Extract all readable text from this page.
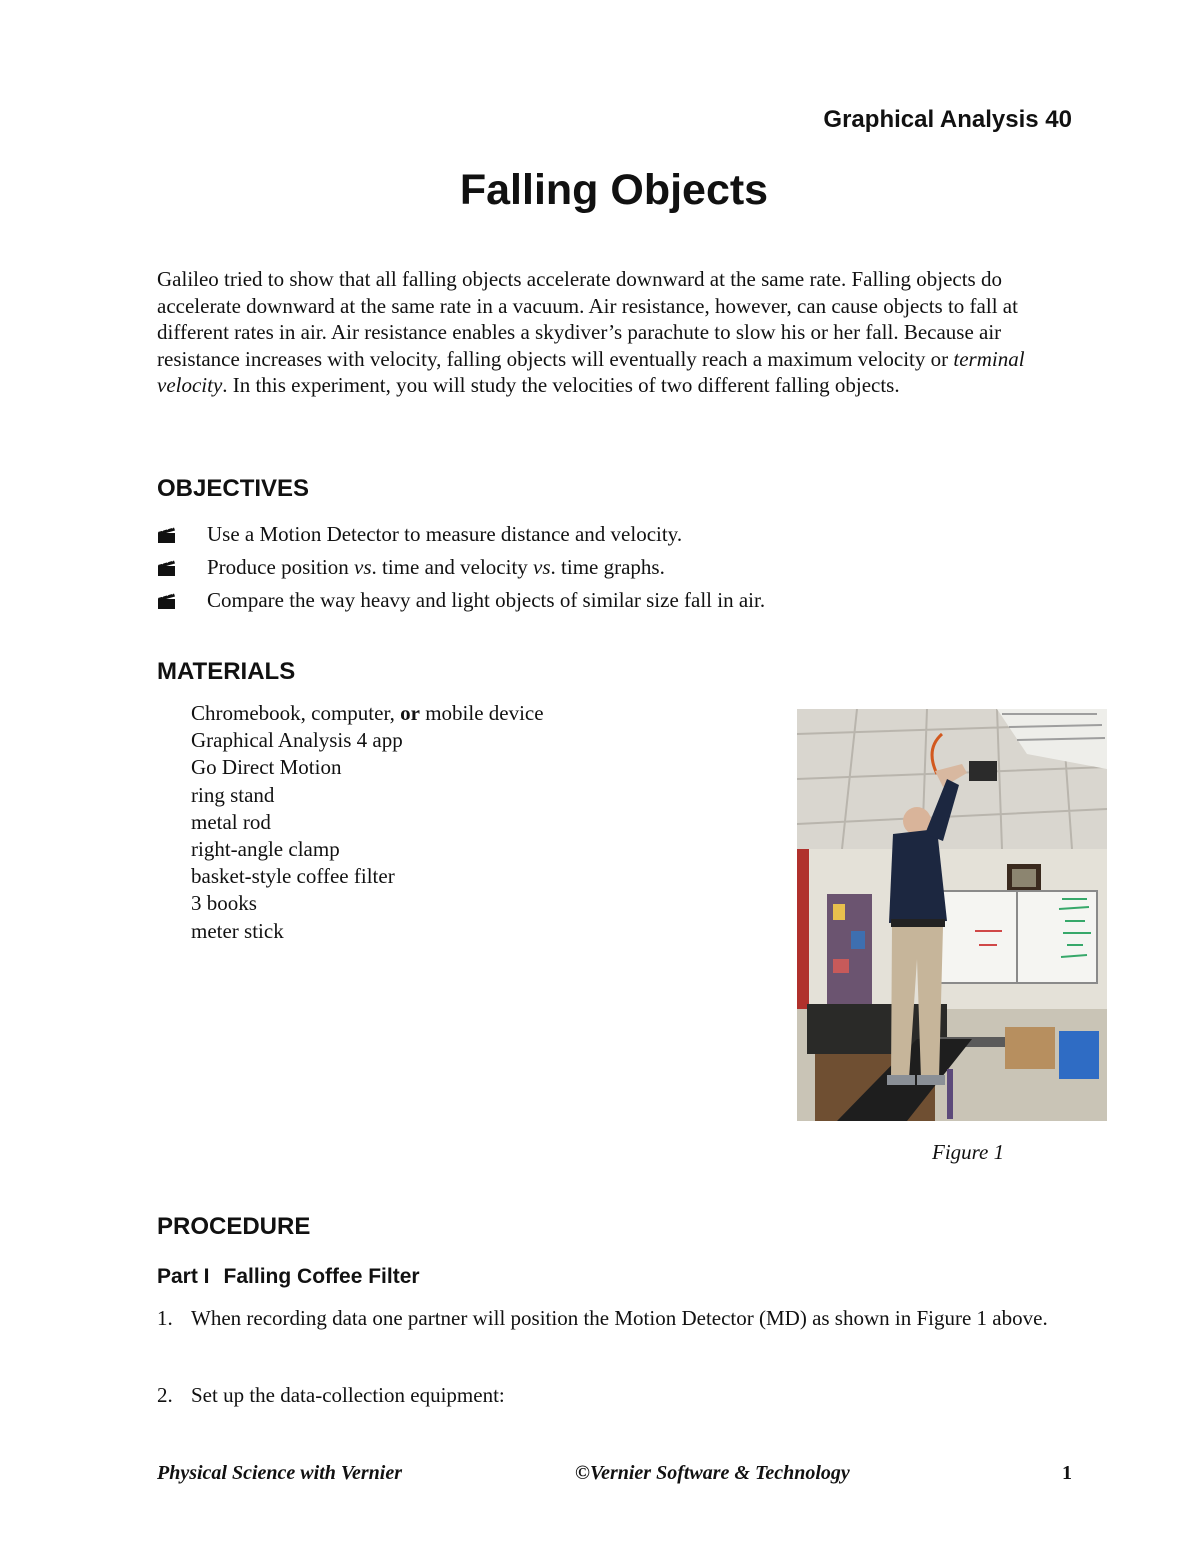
Graphical Analysis 40
Falling Objects

Galileo tried to show that all falling objects accelerate downward at the same rate. Falling objects do accelerate downward at the same rate in a vacuum. Air resistance, however, can cause objects to fall at different rates in air. Air resistance enables a skydiver’s parachute to slow his or her fall. Because air resistance increases with velocity, falling objects will eventually reach a maximum velocity or terminal velocity. In this experiment, you will study the velocities of two different falling objects.

OBJECTIVES
Use a Motion Detector to measure distance and velocity.
Produce position vs. time and velocity vs. time graphs.
Compare the way heavy and light objects of similar size fall in air.
MATERIALS
Chromebook, computer, or mobile device
Graphical Analysis 4 app
Go Direct Motion
ring stand
metal rod
right-angle clamp
basket-style coffee filter
3 books
meter stick
Figure 1
PROCEDURE
Part I Falling Coffee Filter
1. When recording data one partner will position the Motion Detector (MD) as shown in Figure 1 above.
2. Set up the data-collection equipment:
Physical Science with Vernier	©Vernier Software & Technology	1
